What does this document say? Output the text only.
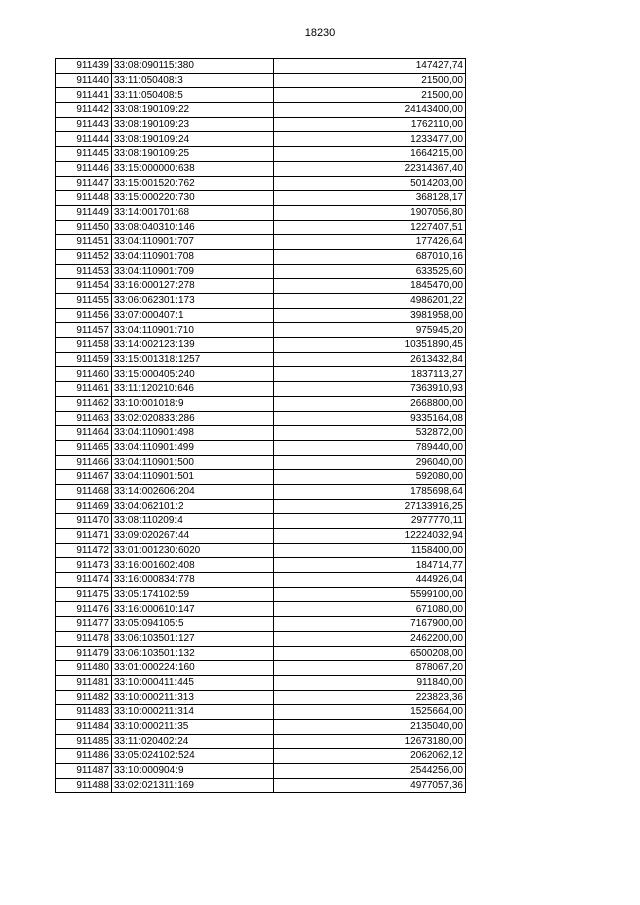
18230
911439	33:08:090115:380	147427,74
911440	33:11:050408:3	21500,00
911441	33:11:050408:5	21500,00
911442	33:08:190109:22	24143400,00
911443	33:08:190109:23	1762110,00
911444	33:08:190109:24	1233477,00
911445	33:08:190109:25	1664215,00
911446	33:15:000000:638	22314367,40
911447	33:15:001520:762	5014203,00
911448	33:15:000220:730	368128,17
911449	33:14:001701:68	1907056,80
911450	33:08:040310:146	1227407,51
911451	33:04:110901:707	177426,64
911452	33:04:110901:708	687010,16
911453	33:04:110901:709	633525,60
911454	33:16:000127:278	1845470,00
911455	33:06:062301:173	4986201,22
911456	33:07:000407:1	3981958,00
911457	33:04:110901:710	975945,20
911458	33:14:002123:139	10351890,45
911459	33:15:001318:1257	2613432,84
911460	33:15:000405:240	1837113,27
911461	33:11:120210:646	7363910,93
911462	33:10:001018:9	2668800,00
911463	33:02:020833:286	9335164,08
911464	33:04:110901:498	532872,00
911465	33:04:110901:499	789440,00
911466	33:04:110901:500	296040,00
911467	33:04:110901:501	592080,00
911468	33:14:002606:204	1785698,64
911469	33:04:062101:2	27133916,25
911470	33:08:110209:4	2977770,11
911471	33:09:020267:44	12224032,94
911472	33:01:001230:6020	1158400,00
911473	33:16:001602:408	184714,77
911474	33:16:000834:778	444926,04
911475	33:05:174102:59	5599100,00
911476	33:16:000610:147	671080,00
911477	33:05:094105:5	7167900,00
911478	33:06:103501:127	2462200,00
911479	33:06:103501:132	6500208,00
911480	33:01:000224:160	878067,20
911481	33:10:000411:445	911840,00
911482	33:10:000211:313	223823,36
911483	33:10:000211:314	1525664,00
911484	33:10:000211:35	2135040,00
911485	33:11:020402:24	12673180,00
911486	33:05:024102:524	2062062,12
911487	33:10:000904:9	2544256,00
911488	33:02:021311:169	4977057,36
